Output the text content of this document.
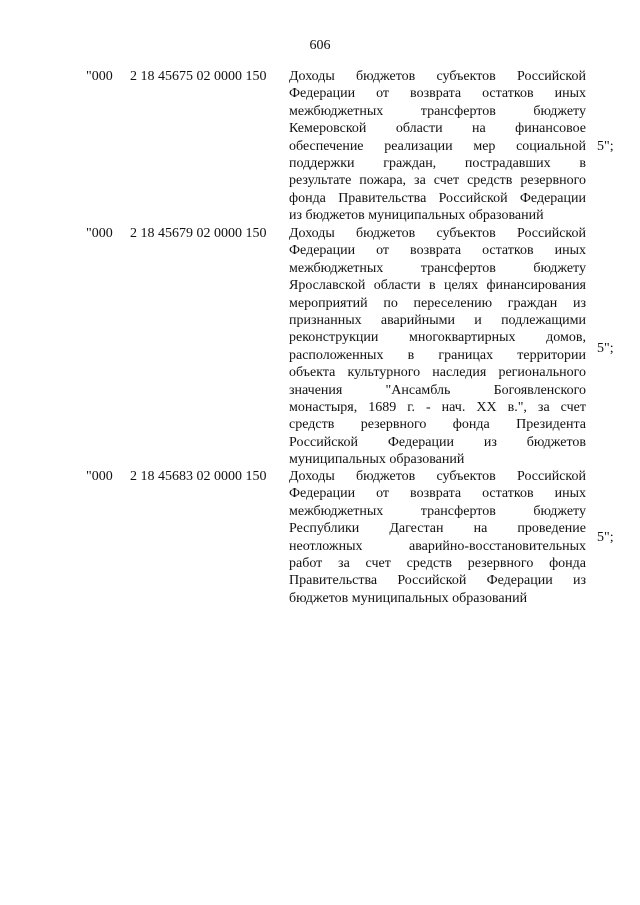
606
"000 2 18 45675 02 0000 150 Доходы бюджетов субъектов Российской
Федерации от возврата остатков иных
межбюджетных трансфертов бюджету
Кемеровской области на финансовое
обеспечение реализации мер социальной
поддержки граждан, пострадавших в
результате пожара, за счет средств резервного
фонда Правительства Российской Федерации
из бюджетов муниципальных образований
5";
"000 2 18 45679 02 0000 150 Доходы бюджетов субъектов Российской
Федерации от возврата остатков иных
межбюджетных трансфертов бюджету
Ярославской области в целях финансирования
мероприятий по переселению граждан из
признанных аварийными и подлежащими
реконструкции многоквартирных домов,
расположенных в границах территории
объекта культурного наследия регионального
значения "Ансамбль Богоявленского
монастыря, 1689 г. - нач. XX в.", за счет
средств резервного фонда Президента
Российской Федерации из бюджетов
муниципальных образований
5";
"000 2 18 45683 02 0000 150 Доходы бюджетов субъектов Российской
Федерации от возврата остатков иных
межбюджетных трансфертов бюджету
Республики Дагестан на проведение
неотложных аварийно-восстановительных
работ за счет средств резервного фонда
Правительства Российской Федерации из
бюджетов муниципальных образований
5";
